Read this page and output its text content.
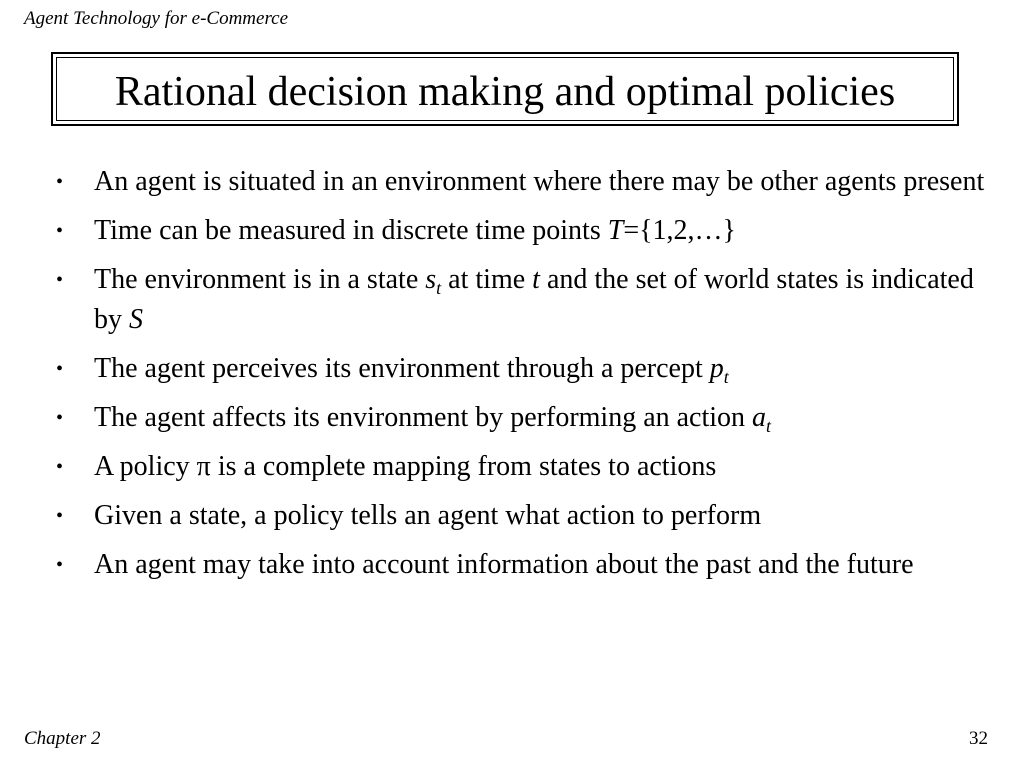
Agent Technology for e-Commerce
Rational decision making and optimal policies
• An agent is situated in an environment where there may be other agents present
• Time can be measured in discrete time points T={1,2,…}
• The environment is in a state $s_t$ at time t and the set of world states is indicated by S
• The agent perceives its environment through a percept $p_t$
• The agent affects its environment by performing an action $a_t$
• A policy π is a complete mapping from states to actions
• Given a state, a policy tells an agent what action to perform
• An agent may take into account information about the past and the future
Chapter 2	32
